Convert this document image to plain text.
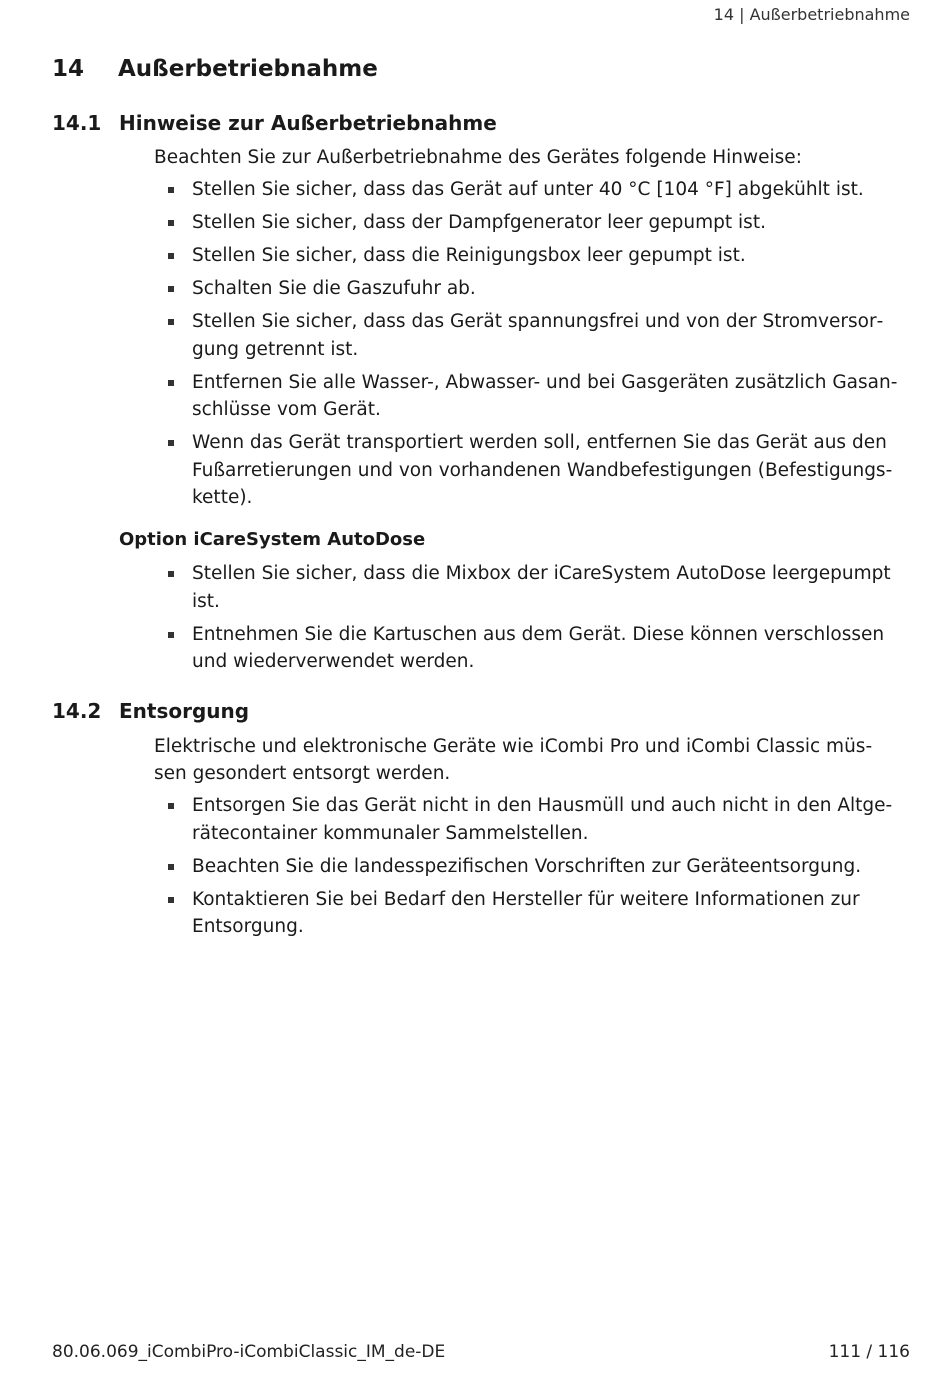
14 | Außerbetriebnahme
14 Außerbetriebnahme
14.1 Hinweise zur Außerbetriebnahme
Beachten Sie zur Außerbetriebnahme des Gerätes folgende Hinweise:
Stellen Sie sicher, dass das Gerät auf unter 40 °C [104 °F] abgekühlt ist.
Stellen Sie sicher, dass der Dampfgenerator leer gepumpt ist.
Stellen Sie sicher, dass die Reinigungsbox leer gepumpt ist.
Schalten Sie die Gaszufuhr ab.
Stellen Sie sicher, dass das Gerät spannungsfrei und von der Stromversorgung getrennt ist.
Entfernen Sie alle Wasser-, Abwasser- und bei Gasgeräten zusätzlich Gasanschlüsse vom Gerät.
Wenn das Gerät transportiert werden soll, entfernen Sie das Gerät aus den Fußarretierungen und von vorhandenen Wandbefestigungen (Befestigungskette).
Option iCareSystem AutoDose
Stellen Sie sicher, dass die Mixbox der iCareSystem AutoDose leergepumpt ist.
Entnehmen Sie die Kartuschen aus dem Gerät. Diese können verschlossen und wiederverwendet werden.
14.2 Entsorgung
Elektrische und elektronische Geräte wie iCombi Pro und iCombi Classic müssen gesondert entsorgt werden.
Entsorgen Sie das Gerät nicht in den Hausmüll und auch nicht in den Altgerätecontainer kommunaler Sammelstellen.
Beachten Sie die landesspezifischen Vorschriften zur Geräteentsorgung.
Kontaktieren Sie bei Bedarf den Hersteller für weitere Informationen zur Entsorgung.
80.06.069_iCombiPro-iCombiClassic_IM_de-DE	111 / 116
